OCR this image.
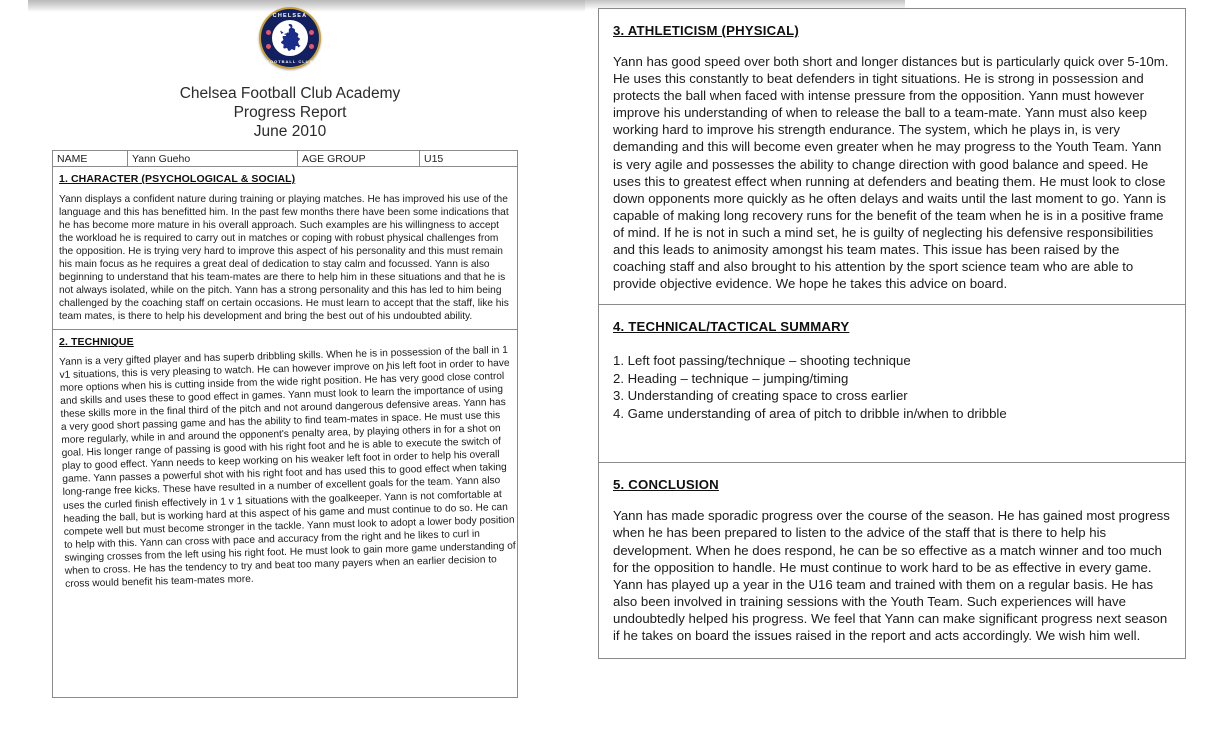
CHELSEA
FOOTBALL CLUB
Chelsea Football Club Academy
Progress Report
June 2010
NAME	Yann Gueho	AGE GROUP	U15
1. CHARACTER (PSYCHOLOGICAL & SOCIAL)
Yann displays a confident nature during training or playing matches. He has improved his use of the language and this has benefitted him. In the past few months there have been some indications that he has become more mature in his overall approach. Such examples are his willingness to accept the workload he is required to carry out in matches or coping with robust physical challenges from the opposition. He is trying very hard to improve this aspect of his personality and this must remain his main focus as he requires a great deal of dedication to stay calm and focussed. Yann is also beginning to understand that his team-mates are there to help him in these situations and that he is not always isolated, while on the pitch. Yann has a strong personality and this has led to him being challenged by the coaching staff on certain occasions. He must learn to accept that the staff, like his team mates, is there to help his development and bring the best out of his undoubted ability.
2. TECHNIQUE
Yann is a very gifted player and has superb dribbling skills. When he is in possession of the ball in 1 v1 situations, this is very pleasing to watch. He can however improve on his left foot in order to have more options when his is cutting inside from the wide right position. He has very good close control and skills and uses these to good effect in games. Yann must look to learn the importance of using these skills more in the final third of the pitch and not around dangerous defensive areas. Yann has a very good short passing game and has the ability to find team-mates in space. He must use this more regularly, while in and around the opponent's penalty area, by playing others in for a shot on goal. His longer range of passing is good with his right foot and he is able to execute the switch of play to good effect. Yann needs to keep working on his weaker left foot in order to help his overall game. Yann passes a powerful shot with his right foot and has used this to good effect when taking long-range free kicks. These have resulted in a number of excellent goals for the team. Yann also uses the curled finish effectively in 1 v 1 situations with the goalkeeper. Yann is not comfortable at heading the ball, but is working hard at this aspect of his game and must continue to do so. He can compete well but must become stronger in the tackle. Yann must look to adopt a lower body position to help with this. Yann can cross with pace and accuracy from the right and he likes to curl in swinging crosses from the left using his right foot. He must look to gain more game understanding of when to cross. He has the tendency to try and beat too many payers when an earlier decision to cross would benefit his team-mates more.
3. ATHLETICISM (PHYSICAL)
Yann has good speed over both short and longer distances but is particularly quick over 5-10m. He uses this constantly to beat defenders in tight situations. He is strong in possession and protects the ball when faced with intense pressure from the opposition. Yann must however improve his understanding of when to release the ball to a team-mate. Yann must also keep working hard to improve his strength endurance. The system, which he plays in, is very demanding and this will become even greater when he may progress to the Youth Team. Yann is very agile and possesses the ability to change direction with good balance and speed. He uses this to greatest effect when running at defenders and beating them. He must look to close down opponents more quickly as he often delays and waits until the last moment to go. Yann is capable of making long recovery runs for the benefit of the team when he is in a positive frame of mind. If he is not in such a mind set, he is guilty of neglecting his defensive responsibilities and this leads to animosity amongst his team mates. This issue has been raised by the coaching staff and also brought to his attention by the sport science team who are able to provide objective evidence. We hope he takes this advice on board.
4. TECHNICAL/TACTICAL SUMMARY
1. Left foot passing/technique – shooting technique
2. Heading – technique – jumping/timing
3. Understanding of creating space to cross earlier
4. Game understanding of area of pitch to dribble in/when to dribble
5. CONCLUSION
Yann has made sporadic progress over the course of the season. He has gained most progress when he has been prepared to listen to the advice of the staff that is there to help his development. When he does respond, he can be so effective as a match winner and too much for the opposition to handle. He must continue to work hard to be as effective in every game. Yann has played up a year in the U16 team and trained with them on a regular basis. He has also been involved in training sessions with the Youth Team. Such experiences will have undoubtedly helped his progress. We feel that Yann can make significant progress next season if he takes on board the issues raised in the report and acts accordingly. We wish him well.
